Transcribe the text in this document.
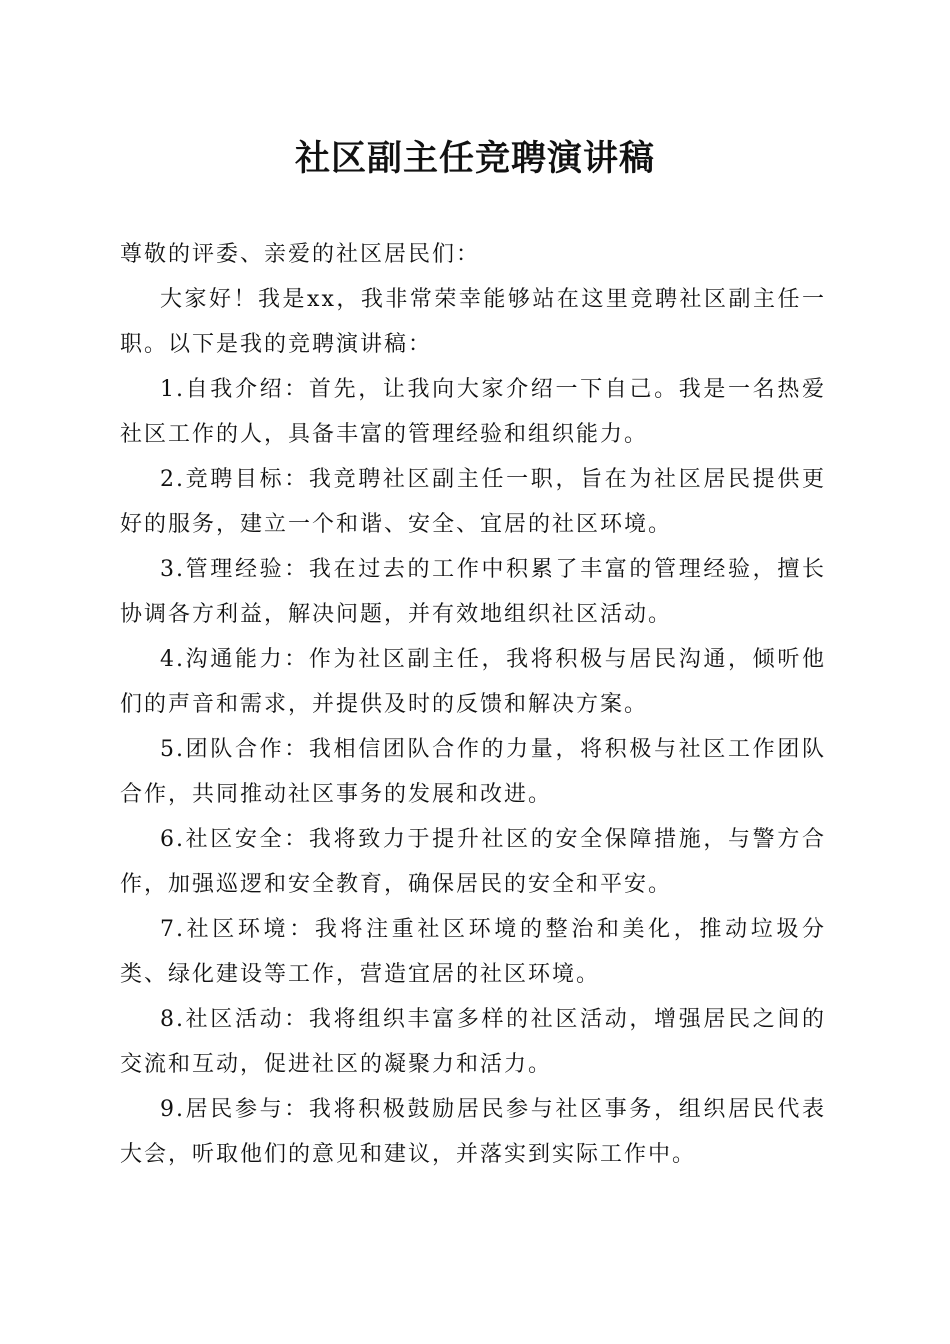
社区副主任竞聘演讲稿

尊敬的评委、亲爱的社区居民们：

大家好！我是xx，我非常荣幸能够站在这里竞聘社区副主任一职。以下是我的竞聘演讲稿：

1.自我介绍：首先，让我向大家介绍一下自己。我是一名热爱社区工作的人，具备丰富的管理经验和组织能力。

2.竞聘目标：我竞聘社区副主任一职，旨在为社区居民提供更好的服务，建立一个和谐、安全、宜居的社区环境。

3.管理经验：我在过去的工作中积累了丰富的管理经验，擅长协调各方利益，解决问题，并有效地组织社区活动。

4.沟通能力：作为社区副主任，我将积极与居民沟通，倾听他们的声音和需求，并提供及时的反馈和解决方案。

5.团队合作：我相信团队合作的力量，将积极与社区工作团队合作，共同推动社区事务的发展和改进。

6.社区安全：我将致力于提升社区的安全保障措施，与警方合作，加强巡逻和安全教育，确保居民的安全和平安。

7.社区环境：我将注重社区环境的整治和美化，推动垃圾分类、绿化建设等工作，营造宜居的社区环境。

8.社区活动：我将组织丰富多样的社区活动，增强居民之间的交流和互动，促进社区的凝聚力和活力。

9.居民参与：我将积极鼓励居民参与社区事务，组织居民代表大会，听取他们的意见和建议，并落实到实际工作中。
